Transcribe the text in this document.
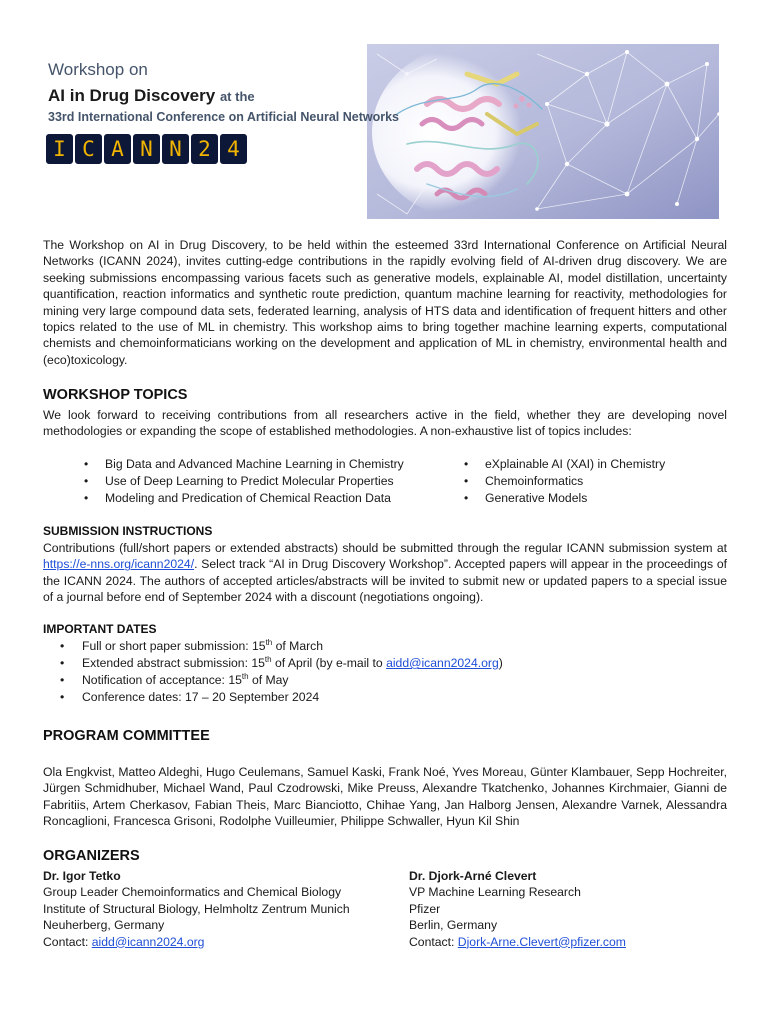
Workshop on
AI in Drug Discovery at the
33rd International Conference on Artificial Neural Networks
I C A N N 2 4

The Workshop on AI in Drug Discovery, to be held within the esteemed 33rd International Conference on Artificial Neural Networks (ICANN 2024), invites cutting-edge contributions in the rapidly evolving field of AI-driven drug discovery. We are seeking submissions encompassing various facets such as generative models, explainable AI, model distillation, uncertainty quantification, reaction informatics and synthetic route prediction, quantum machine learning for reactivity, methodologies for mining very large compound data sets, federated learning, analysis of HTS data and identification of frequent hitters and other topics related to the use of ML in chemistry. This workshop aims to bring together machine learning experts, computational chemists and chemoinformaticians working on the development and application of ML in chemistry, environmental health and (eco)toxicology.

WORKSHOP TOPICS

We look forward to receiving contributions from all researchers active in the field, whether they are developing novel methodologies or expanding the scope of established methodologies. A non-exhaustive list of topics includes:

• Big Data and Advanced Machine Learning in Chemistry
• Use of Deep Learning to Predict Molecular Properties
• Modeling and Predication of Chemical Reaction Data
• eXplainable AI (XAI) in Chemistry
• Chemoinformatics
• Generative Models
SUBMISSION INSTRUCTIONS

Contributions (full/short papers or extended abstracts) should be submitted through the regular ICANN submission system at https://e-nns.org/icann2024/. Select track “AI in Drug Discovery Workshop”. Accepted papers will appear in the proceedings of the ICANN 2024. The authors of accepted articles/abstracts will be invited to submit new or updated papers to a special issue of a journal before end of September 2024 with a discount (negotiations ongoing).

IMPORTANT DATES
• Full or short paper submission: 15th of March
• Extended abstract submission: 15th of April (by e-mail to aidd@icann2024.org)
• Notification of acceptance: 15th of May
• Conference dates: 17 – 20 September 2024
PROGRAM COMMITTEE

Ola Engkvist, Matteo Aldeghi, Hugo Ceulemans, Samuel Kaski, Frank Noé, Yves Moreau, Günter Klambauer, Sepp Hochreiter, Jürgen Schmidhuber, Michael Wand, Paul Czodrowski, Mike Preuss, Alexandre Tkatchenko, Johannes Kirchmaier, Gianni de Fabritiis, Artem Cherkasov, Fabian Theis, Marc Bianciotto, Chihae Yang, Jan Halborg Jensen, Alexandre Varnek, Alessandra Roncaglioni, Francesca Grisoni, Rodolphe Vuilleumier, Philippe Schwaller, Hyun Kil Shin

ORGANIZERS
Dr. Igor Tetko
Group Leader Chemoinformatics and Chemical Biology
Institute of Structural Biology, Helmholtz Zentrum Munich
Neuherberg, Germany
Contact: aidd@icann2024.org
Dr. Djork-Arné Clevert
VP Machine Learning Research
Pfizer
Berlin, Germany
Contact: Djork-Arne.Clevert@pfizer.com
